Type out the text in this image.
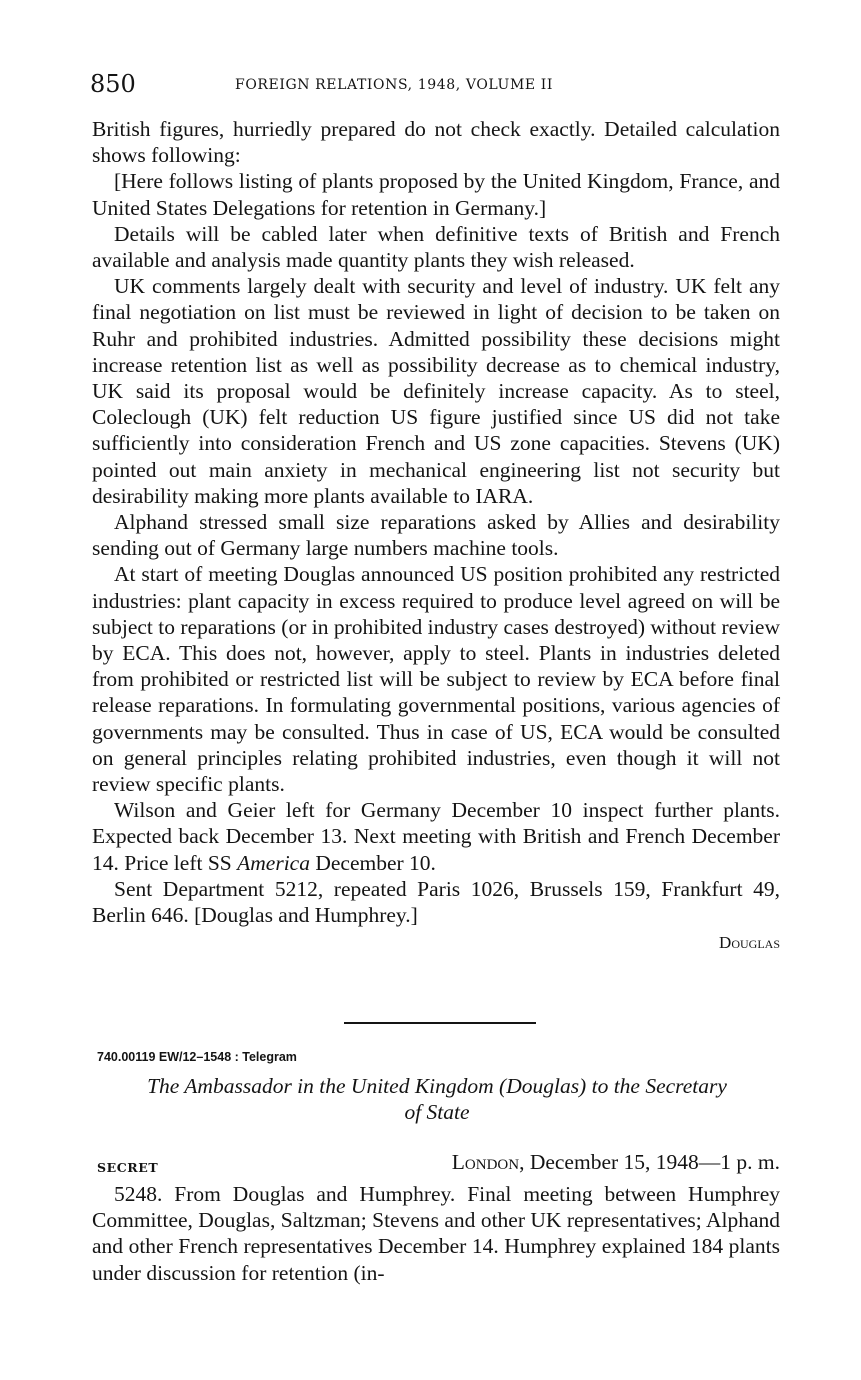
850	FOREIGN RELATIONS, 1948, VOLUME II

British figures, hurriedly prepared do not check exactly. Detailed calculation shows following:

[Here follows listing of plants proposed by the United Kingdom, France, and United States Delegations for retention in Germany.]

Details will be cabled later when definitive texts of British and French available and analysis made quantity plants they wish released.

UK comments largely dealt with security and level of industry. UK felt any final negotiation on list must be reviewed in light of decision to be taken on Ruhr and prohibited industries. Admitted possibility these decisions might increase retention list as well as possibility decrease as to chemical industry, UK said its proposal would be definitely increase capacity. As to steel, Coleclough (UK) felt reduction US figure justified since US did not take sufficiently into consideration French and US zone capacities. Stevens (UK) pointed out main anxiety in mechanical engineering list not security but desirability making more plants available to IARA.

Alphand stressed small size reparations asked by Allies and desirability sending out of Germany large numbers machine tools.

At start of meeting Douglas announced US position prohibited any restricted industries: plant capacity in excess required to produce level agreed on will be subject to reparations (or in prohibited industry cases destroyed) without review by ECA. This does not, however, apply to steel. Plants in industries deleted from prohibited or restricted list will be subject to review by ECA before final release reparations. In formulating governmental positions, various agencies of governments may be consulted. Thus in case of US, ECA would be consulted on general principles relating prohibited industries, even though it will not review specific plants.

Wilson and Geier left for Germany December 10 inspect further plants. Expected back December 13. Next meeting with British and French December 14. Price left SS America December 10.

Sent Department 5212, repeated Paris 1026, Brussels 159, Frankfurt 49, Berlin 646. [Douglas and Humphrey.]

Douglas

740.00119 EW/12–1548 : Telegram
The Ambassador in the United Kingdom (Douglas) to the Secretary
of State
SECRET	London, December 15, 1948—1 p. m.

5248. From Douglas and Humphrey. Final meeting between Humphrey Committee, Douglas, Saltzman; Stevens and other UK representatives; Alphand and other French representatives December 14. Humphrey explained 184 plants under discussion for retention (in-
